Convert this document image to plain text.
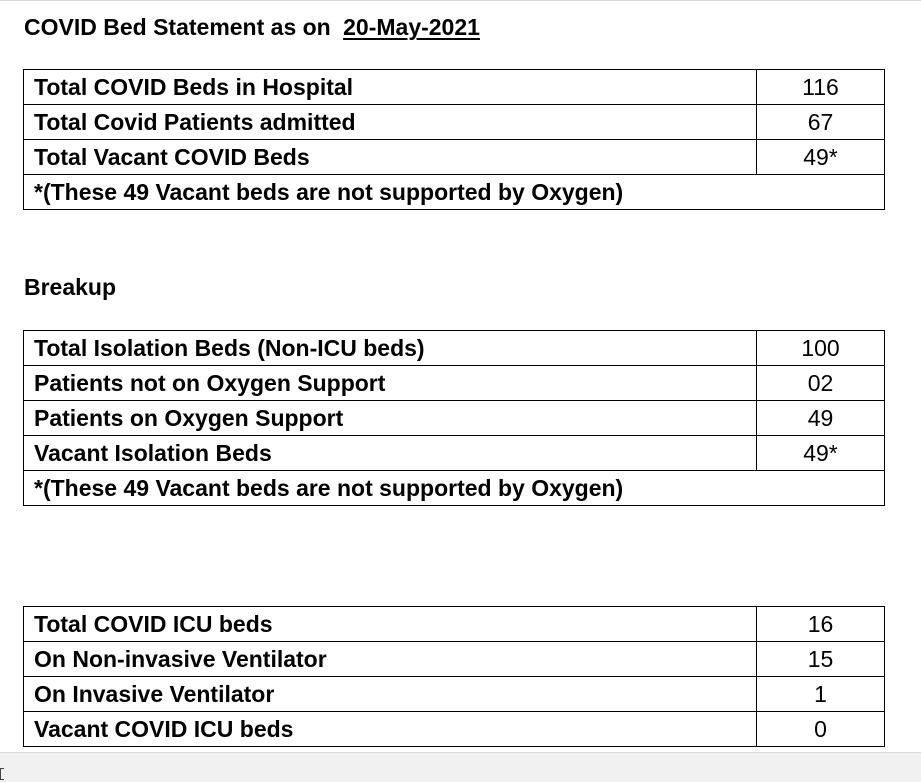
COVID Bed Statement as on 20-May-2021
Total COVID Beds in Hospital	116
Total Covid Patients admitted	67
Total Vacant COVID Beds	49*
*(These 49 Vacant beds are not supported by Oxygen)	
Breakup
Total Isolation Beds (Non-ICU beds)	100
Patients not on Oxygen Support	02
Patients on Oxygen Support	49
Vacant Isolation Beds	49*
*(These 49 Vacant beds are not supported by Oxygen)	
Total COVID ICU beds	16
On Non-invasive Ventilator	15
On Invasive Ventilator	1
Vacant COVID ICU beds	0
